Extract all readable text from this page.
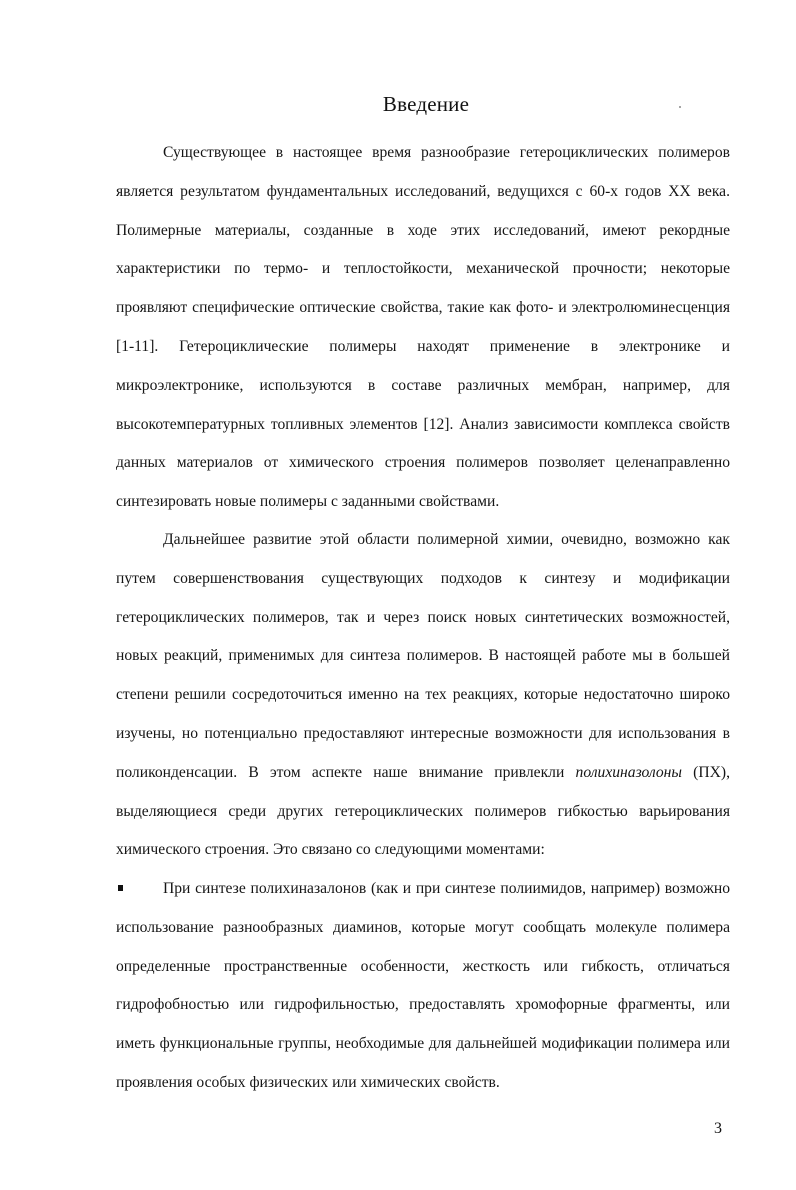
Введение
Существующее в настоящее время разнообразие гетероциклических полимеров является результатом фундаментальных исследований, ведущихся с 60-х годов XX века. Полимерные материалы, созданные в ходе этих исследований, имеют рекордные характеристики по термо- и теплостойкости, механической прочности; некоторые проявляют специфические оптические свойства, такие как фото- и электролюминесценция [1-11]. Гетероциклические полимеры находят применение в электронике и микроэлектронике, используются в составе различных мембран, например, для высокотемпературных топливных элементов [12]. Анализ зависимости комплекса свойств данных материалов от химического строения полимеров позволяет целенаправленно синтезировать новые полимеры с заданными свойствами.
Дальнейшее развитие этой области полимерной химии, очевидно, возможно как путем совершенствования существующих подходов к синтезу и модификации гетероциклических полимеров, так и через поиск новых синтетических возможностей, новых реакций, применимых для синтеза полимеров. В настоящей работе мы в большей степени решили сосредоточиться именно на тех реакциях, которые недостаточно широко изучены, но потенциально предоставляют интересные возможности для использования в поликонденсации. В этом аспекте наше внимание привлекли полихиназолоны (ПХ), выделяющиеся среди других гетероциклических полимеров гибкостью варьирования химического строения. Это связано со следующими моментами:
При синтезе полихиназалонов (как и при синтезе полиимидов, например) возможно использование разнообразных диаминов, которые могут сообщать молекуле полимера определенные пространственные особенности, жесткость или гибкость, отличаться гидрофобностью или гидрофильностью, предоставлять хромофорные фрагменты, или иметь функциональные группы, необходимые для дальнейшей модификации полимера или проявления особых физических или химических свойств.
3
